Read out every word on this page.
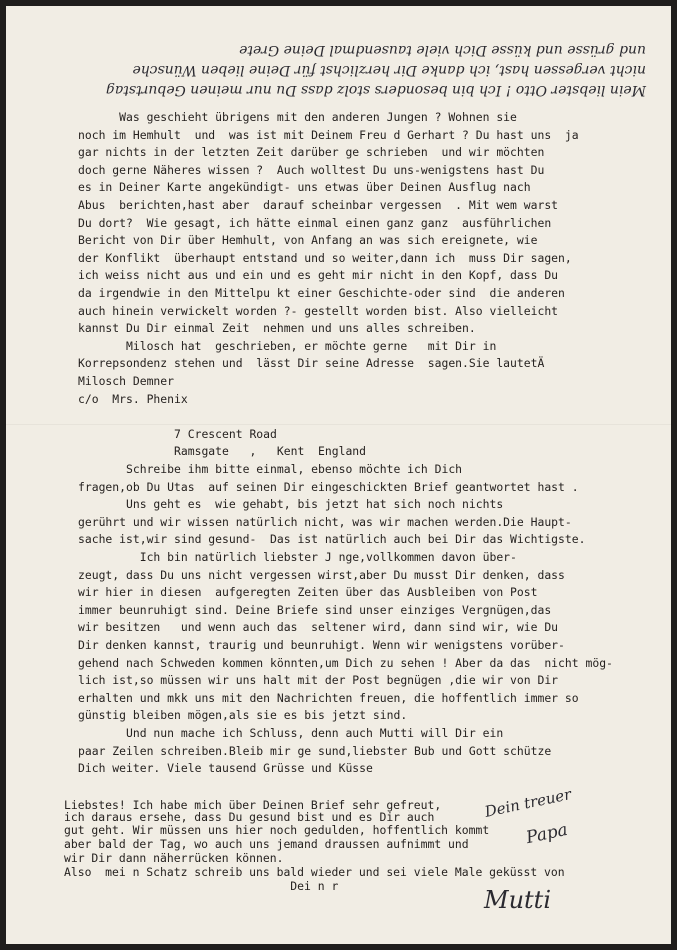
Mein liebster Otto ! Ich bin besonders stolz dass Du nur meinen Geburtstag
nicht vergessen hast, ich danke Dir herzlichst für Deine lieben Wünsche
und grüsse und küsse Dich viele tausendmal Deine Grete
Was geschieht übrigens mit den anderen Jungen ? Wohnen sie
noch im Hemhult  und  was ist mit Deinem Freu d Gerhart ? Du hast uns  ja
gar nichts in der letzten Zeit darüber ge schrieben  und wir möchten
doch gerne Näheres wissen ?  Auch wolltest Du uns-wenigstens hast Du
es in Deiner Karte angekündigt- uns etwas über Deinen Ausflug nach
Abus  berichten,hast aber  darauf scheinbar vergessen  . Mit wem warst
Du dort?  Wie gesagt, ich hätte einmal einen ganz ganz  ausführlichen
Bericht von Dir über Hemhult, von Anfang an was sich ereignete, wie
der Konflikt  überhaupt entstand und so weiter,dann ich  muss Dir sagen,
ich weiss nicht aus und ein und es geht mir nicht in den Kopf, dass Du
da irgendwie in den Mittelpu kt einer Geschichte-oder sind  die anderen
auch hinein verwickelt worden ?- gestellt worden bist. Also vielleicht
kannst Du Dir einmal Zeit  nehmen und uns alles schreiben.
Milosch hat  geschrieben, er möchte gerne   mit Dir in
Korrepsondenz stehen und  lässt Dir seine Adresse  sagen.Sie lautetÄ
Milosch Demner
c/o  Mrs. Phenix
7 Crescent Road
Ramsgate   ,   Kent  England
Schreibe ihm bitte einmal, ebenso möchte ich Dich
fragen,ob Du Utas  auf seinen Dir eingeschickten Brief geantwortet hast .
Uns geht es  wie gehabt, bis jetzt hat sich noch nichts
gerührt und wir wissen natürlich nicht, was wir machen werden.Die Haupt-
sache ist,wir sind gesund-  Das ist natürlich auch bei Dir das Wichtigste.
Ich bin natürlich liebster J nge,vollkommen davon über-
zeugt, dass Du uns nicht vergessen wirst,aber Du musst Dir denken, dass
wir hier in diesen  aufgeregten Zeiten über das Ausbleiben von Post
immer beunruhigt sind. Deine Briefe sind unser einziges Vergnügen,das
wir besitzen   und wenn auch das  seltener wird, dann sind wir, wie Du
Dir denken kannst, traurig und beunruhigt. Wenn wir wenigstens vorüber-
gehend nach Schweden kommen könnten,um Dich zu sehen ! Aber da das  nicht mög-
lich ist,so müssen wir uns halt mit der Post begnügen ,die wir von Dir
erhalten und mkk uns mit den Nachrichten freuen, die hoffentlich immer so
günstig bleiben mögen,als sie es bis jetzt sind.
Und nun mache ich Schluss, denn auch Mutti will Dir ein
paar Zeilen schreiben.Bleib mir ge sund,liebster Bub und Gott schütze
Dich weiter. Viele tausend Grüsse und Küsse
Liebstes! Ich habe mich über Deinen Brief sehr gefreut,
ich daraus ersehe, dass Du gesund bist und es Dir auch
gut geht. Wir müssen uns hier noch gedulden, hoffentlich kommt
aber bald der Tag, wo auch uns jemand draussen aufnimmt und
wir Dir dann näherrücken können.
Also  mei n Schatz schreib uns bald wieder und sei viele Male geküsst von
Dei n r
Dein treuer
Papa
Mutti
